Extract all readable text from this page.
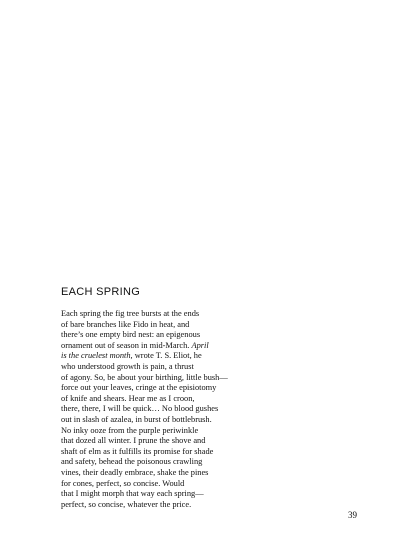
EACH SPRING
Each spring the fig tree bursts at the ends
of bare branches like Fido in heat, and
there’s one empty bird nest: an epigenous
ornament out of season in mid-March. April
is the cruelest month, wrote T. S. Eliot, he
who understood growth is pain, a thrust
of agony. So, be about your birthing, little bush—
force out your leaves, cringe at the episiotomy
of knife and shears. Hear me as I croon,
there, there, I will be quick… No blood gushes
out in slash of azalea, in burst of bottlebrush.
No inky ooze from the purple periwinkle
that dozed all winter. I prune the shove and
shaft of elm as it fulfills its promise for shade
and safety, behead the poisonous crawling
vines, their deadly embrace, shake the pines
for cones, perfect, so concise. Would
that I might morph that way each spring—
perfect, so concise, whatever the price.
39
